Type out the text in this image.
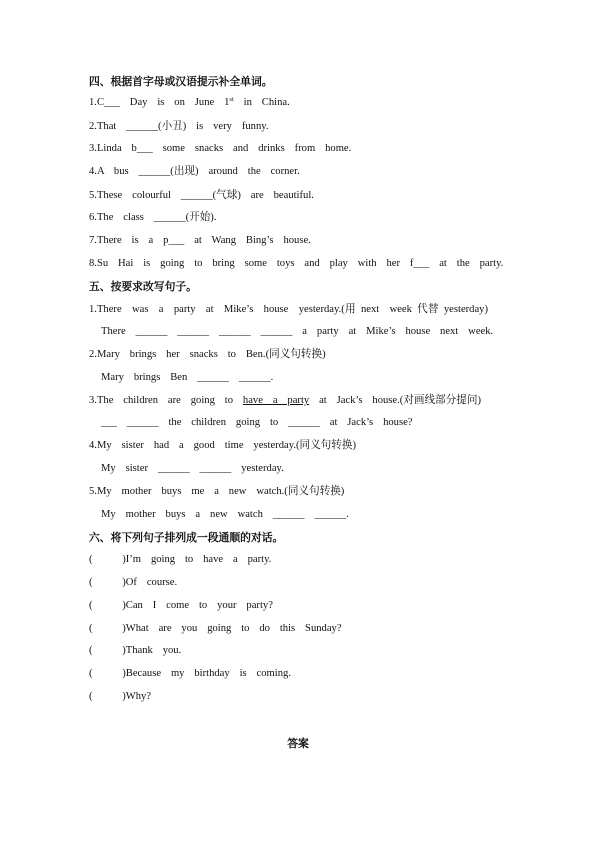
四、根据首字母或汉语提示补全单词。
1.C___  Day  is  on  June  1st  in  China.
2.That  ______(小丑)  is  very  funny.
3.Linda  b___  some  snacks  and  drinks  from  home.
4.A  bus  ______(出现)  around  the  corner.
5.These  colourful  ______(气球)  are  beautiful.
6.The  class  ______(开始).
7.There  is  a  p___  at  Wang  Bing’s  house.
8.Su  Hai  is  going  to  bring  some  toys  and  play  with  her  f___  at  the  party.
五、按要求改写句子。
1.There  was  a  party  at  Mike’s  house  yesterday.(用 next  week 代替 yesterday)
There  ______  ______  ______  ______  a  party  at  Mike’s  house  next  week.
2.Mary  brings  her  snacks  to  Ben.(同义句转换)
Mary  brings  Ben  ______  ______.
3.The  children  are  going  to  have  a  party  at  Jack’s  house.(对画线部分提问)
___  ______  the  children  going  to  ______  at  Jack’s  house?
4.My  sister  had  a  good  time  yesterday.(同义句转换)
My  sister  ______  ______  yesterday.
5.My  mother  buys  me  a  new  watch.(同义句转换)
My  mother  buys  a  new  watch  ______  ______.
六、将下列句子排列成一段通顺的对话。
(      )I’m  going  to  have  a  party.
(      )Of  course.
(      )Can  I  come  to  your  party?
(      )What  are  you  going  to  do  this  Sunday?
(      )Thank  you.
(      )Because  my  birthday  is  coming.
(      )Why?
答案
